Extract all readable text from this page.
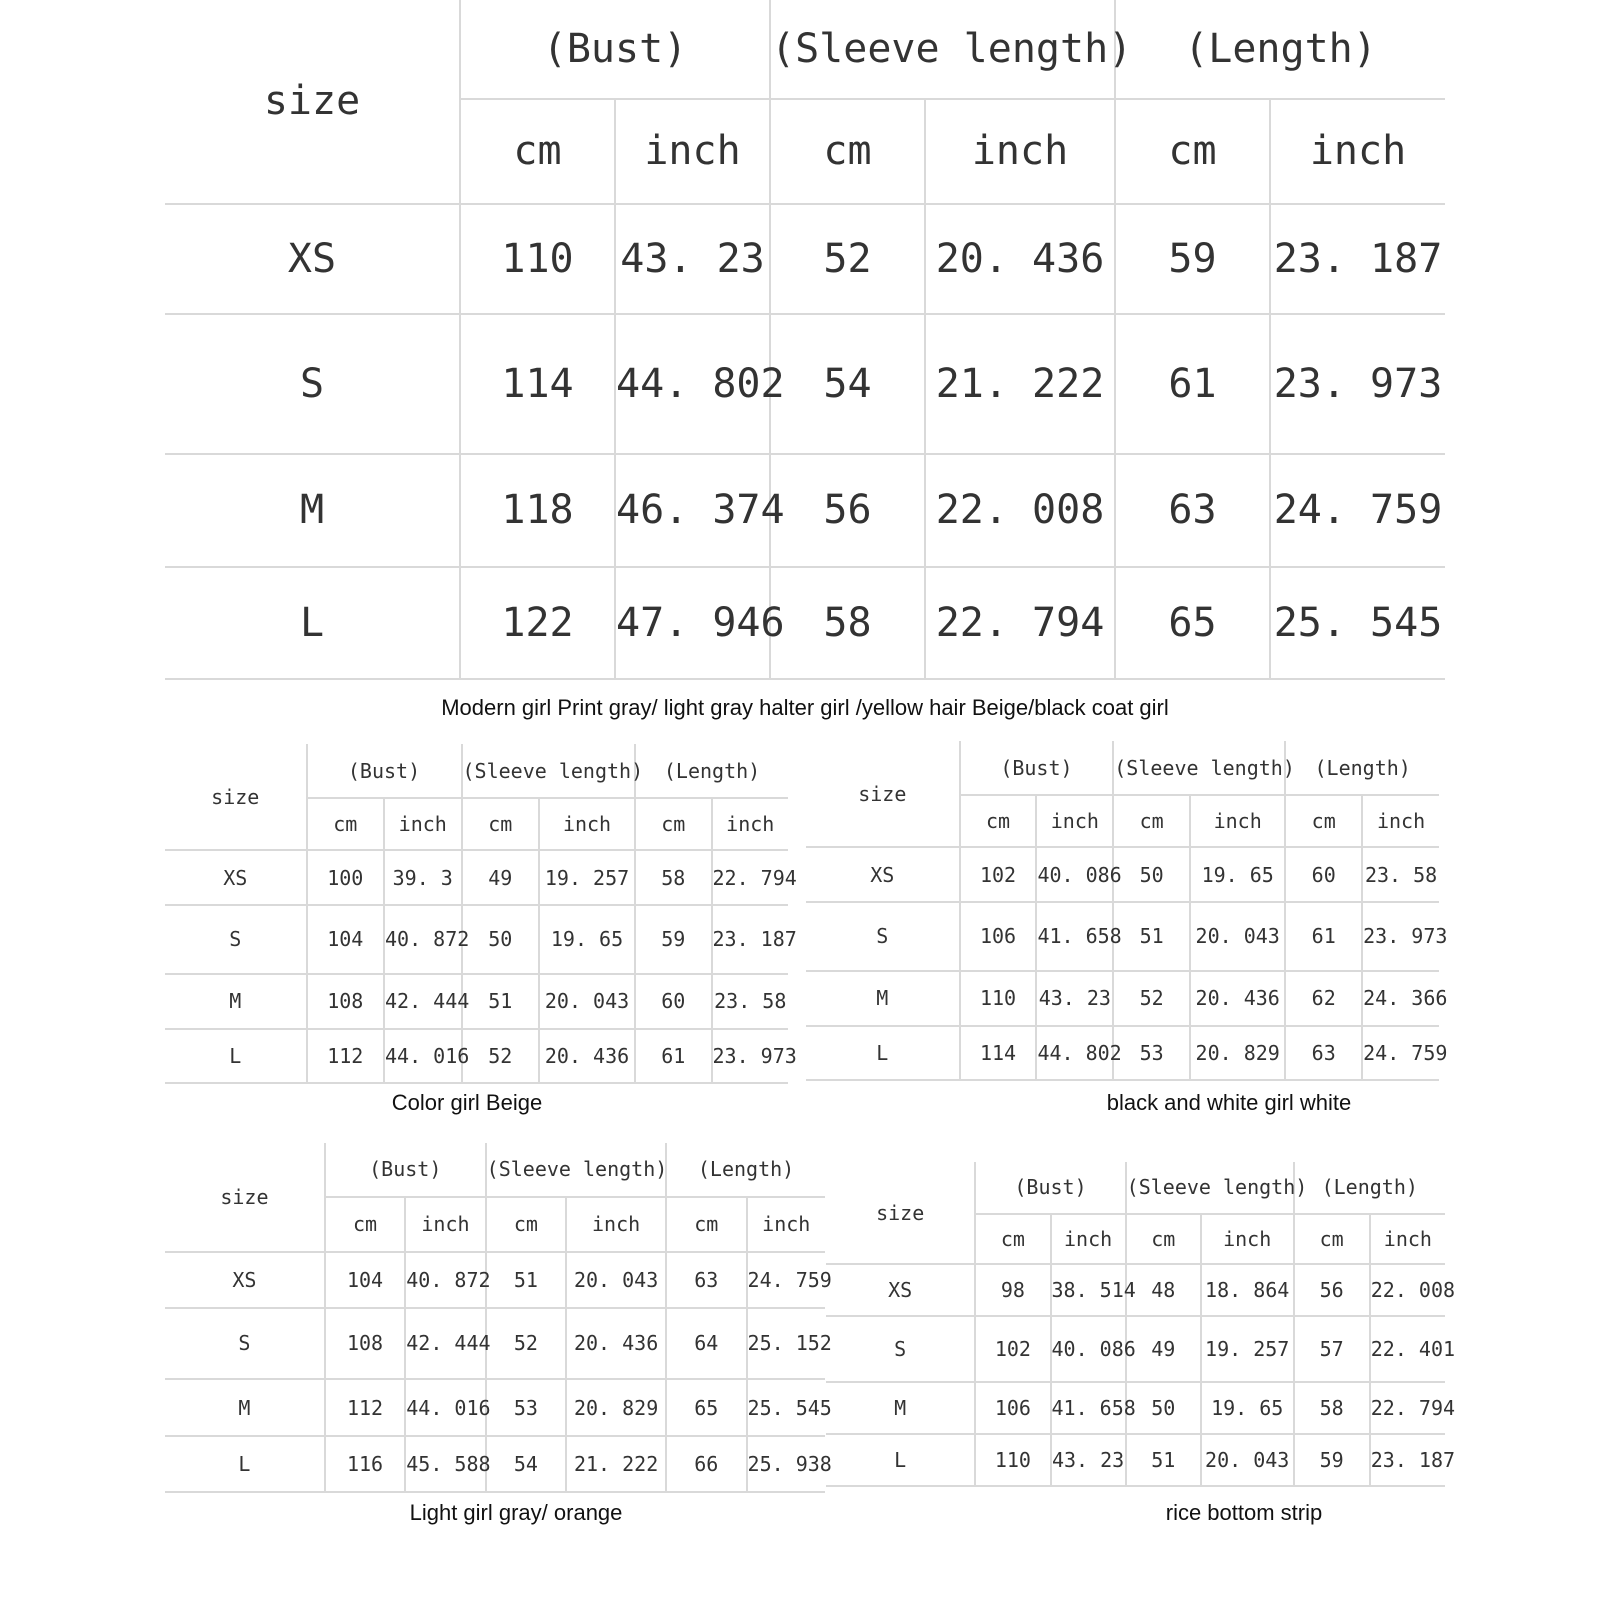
size	(Bust)		(Sleeve length)		(Length)	
	cm	inch	cm	inch	cm	inch
XS	110	43. 23	52	20. 436	59	23. 187
S	114	44. 802	54	21. 222	61	23. 973
M	118	46. 374	56	22. 008	63	24. 759
L	122	47. 946	58	22. 794	65	25. 545
Modern girl Print gray/ light gray halter girl /yellow hair Beige/black coat girl
size	(Bust)		(Sleeve length)		(Length)	
	cm	inch	cm	inch	cm	inch
XS	100	39. 3	49	19. 257	58	22. 794
S	104	40. 872	50	19. 65	59	23. 187
M	108	42. 444	51	20. 043	60	23. 58
L	112	44. 016	52	20. 436	61	23. 973
Color girl Beige
size	(Bust)		(Sleeve length)		(Length)	
	cm	inch	cm	inch	cm	inch
XS	102	40. 086	50	19. 65	60	23. 58
S	106	41. 658	51	20. 043	61	23. 973
M	110	43. 23	52	20. 436	62	24. 366
L	114	44. 802	53	20. 829	63	24. 759
black and white girl white
size	(Bust)		(Sleeve length)		(Length)	
	cm	inch	cm	inch	cm	inch
XS	104	40. 872	51	20. 043	63	24. 759
S	108	42. 444	52	20. 436	64	25. 152
M	112	44. 016	53	20. 829	65	25. 545
L	116	45. 588	54	21. 222	66	25. 938
Light girl gray/ orange
size	(Bust)		(Sleeve length)		(Length)	
	cm	inch	cm	inch	cm	inch
XS	98	38. 514	48	18. 864	56	22. 008
S	102	40. 086	49	19. 257	57	22. 401
M	106	41. 658	50	19. 65	58	22. 794
L	110	43. 23	51	20. 043	59	23. 187
rice bottom strip
